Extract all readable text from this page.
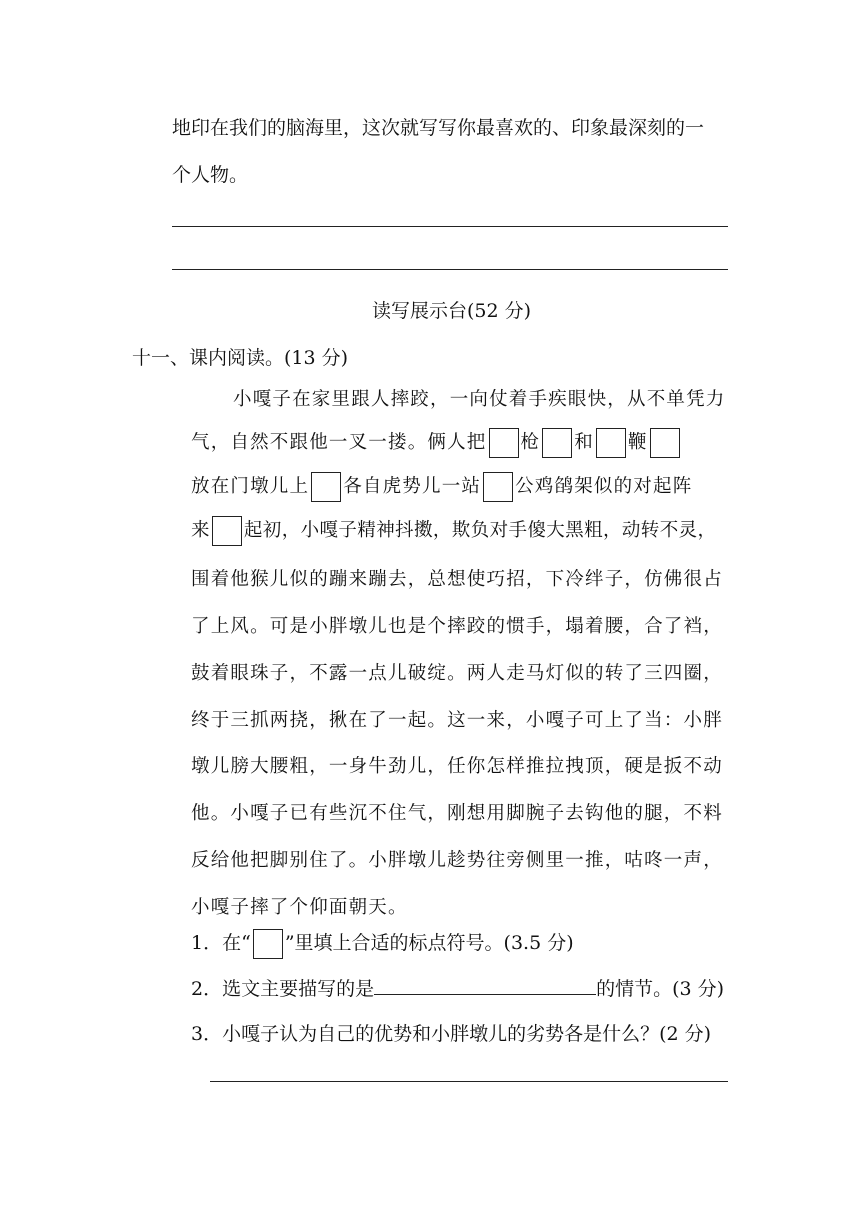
地印在我们的脑海里，这次就写写你最喜欢的、印象最深刻的一
个人物。
读写展示台(52 分)
十一、课内阅读。(13 分)
小嘎子在家里跟人摔跤，一向仗着手疾眼快，从不单凭力
气，自然不跟他一叉一搂。俩人把 枪 和 鞭
放在门墩儿上 各自虎势儿一站 公鸡鹐架似的对起阵
来 起初，小嘎子精神抖擞，欺负对手傻大黑粗，动转不灵，
围着他猴儿似的蹦来蹦去，总想使巧招，下冷绊子，仿佛很占
了上风。可是小胖墩儿也是个摔跤的惯手，塌着腰，合了裆，
鼓着眼珠子，不露一点儿破绽。两人走马灯似的转了三四圈，
终于三抓两挠，揪在了一起。这一来，小嘎子可上了当：小胖
墩儿膀大腰粗，一身牛劲儿，任你怎样推拉拽顶，硬是扳不动
他。小嘎子已有些沉不住气，刚想用脚腕子去钩他的腿，不料
反给他把脚别住了。小胖墩儿趁势往旁侧里一推，咕咚一声，
小嘎子摔了个仰面朝天。
1．在“ ”里填上合适的标点符号。(3.5 分)
2．选文主要描写的是	的情节。(3 分)
3．小嘎子认为自己的优势和小胖墩儿的劣势各是什么？(2 分)
